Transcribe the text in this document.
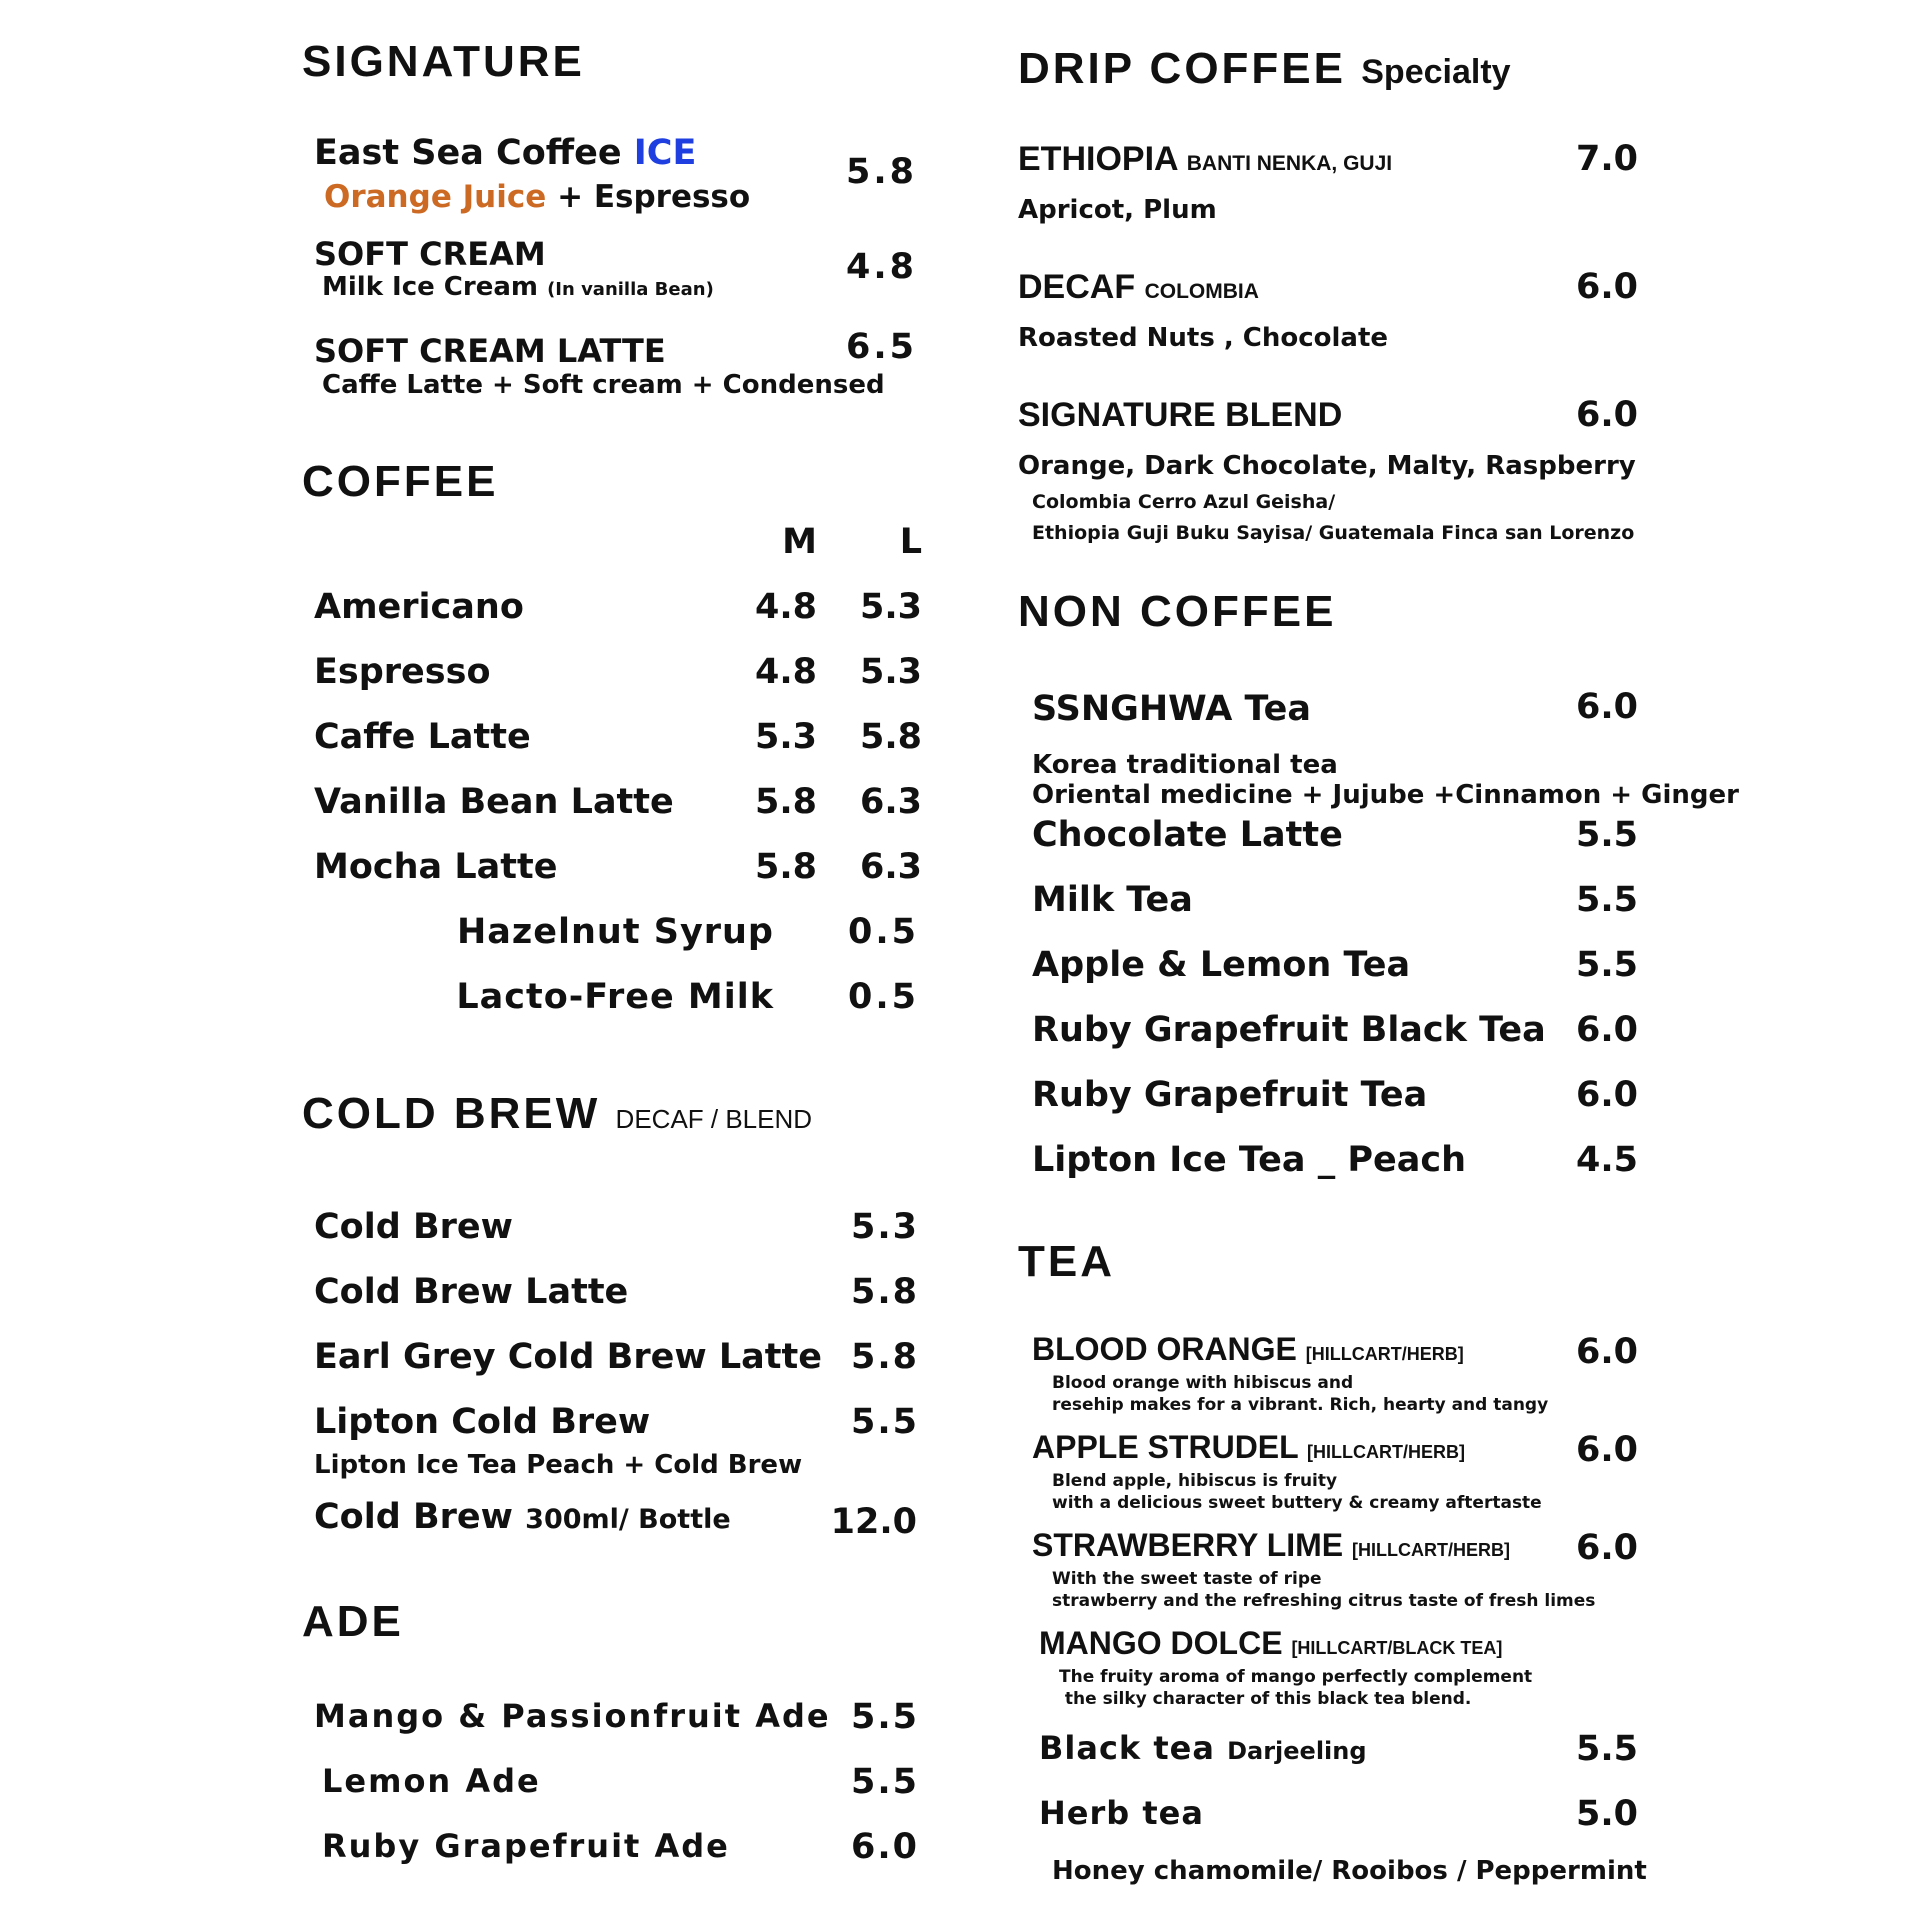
SIGNATURE
East Sea Coffee ICE
Orange Juice + Espresso
5.8
SOFT CREAM
Milk Ice Cream (In vanilla Bean)
4.8
SOFT CREAM LATTE
Caffe Latte + Soft cream + Condensed
6.5
COFFEE
M L
Americano	4.8 5.3
Espresso	4.8 5.3
Caffe Latte	5.3 5.8
Vanilla Bean Latte	5.8 6.3
Mocha Latte	5.8 6.3
Hazelnut Syrup 0.5
Lacto-Free Milk 0.5
COLD BREW DECAF / BLEND
Cold Brew	5.3
Cold Brew Latte	5.8
Earl Grey Cold Brew Latte 5.8
Lipton Cold Brew	5.5
Lipton Ice Tea Peach + Cold Brew
Cold Brew 300ml/ Bottle	12.0
ADE
Mango & Passionfruit Ade 5.5
Lemon Ade	5.5
Ruby Grapefruit Ade	6.0
DRIP COFFEE Specialty
ETHIOPIA BANTI NENKA, GUJI	7.0
Apricot, Plum
DECAF COLOMBIA	6.0
Roasted Nuts , Chocolate
SIGNATURE BLEND	6.0
Orange, Dark Chocolate, Malty, Raspberry
Colombia Cerro Azul Geisha/
Ethiopia Guji Buku Sayisa/ Guatemala Finca san Lorenzo
NON COFFEE
SSNGHWA Tea	6.0
Korea traditional tea
Oriental medicine + Jujube +Cinnamon + Ginger
Chocolate Latte	5.5
Milk Tea	5.5
Apple & Lemon Tea	5.5
Ruby Grapefruit Black Tea 6.0
Ruby Grapefruit Tea	6.0
Lipton Ice Tea _ Peach	4.5
TEA
BLOOD ORANGE [HILLCART/HERB]	6.0
Blood orange with hibiscus and
resehip makes for a vibrant. Rich, hearty and tangy
APPLE STRUDEL [HILLCART/HERB]	6.0
Blend apple, hibiscus is fruity
with a delicious sweet buttery & creamy aftertaste
STRAWBERRY LIME [HILLCART/HERB] 6.0
With the sweet taste of ripe
strawberry and the refreshing citrus taste of fresh limes
MANGO DOLCE [HILLCART/BLACK TEA]
The fruity aroma of mango perfectly complement
the silky character of this black tea blend.
Black tea Darjeeling	5.5
Herb tea	5.0
Honey chamomile/ Rooibos / Peppermint
